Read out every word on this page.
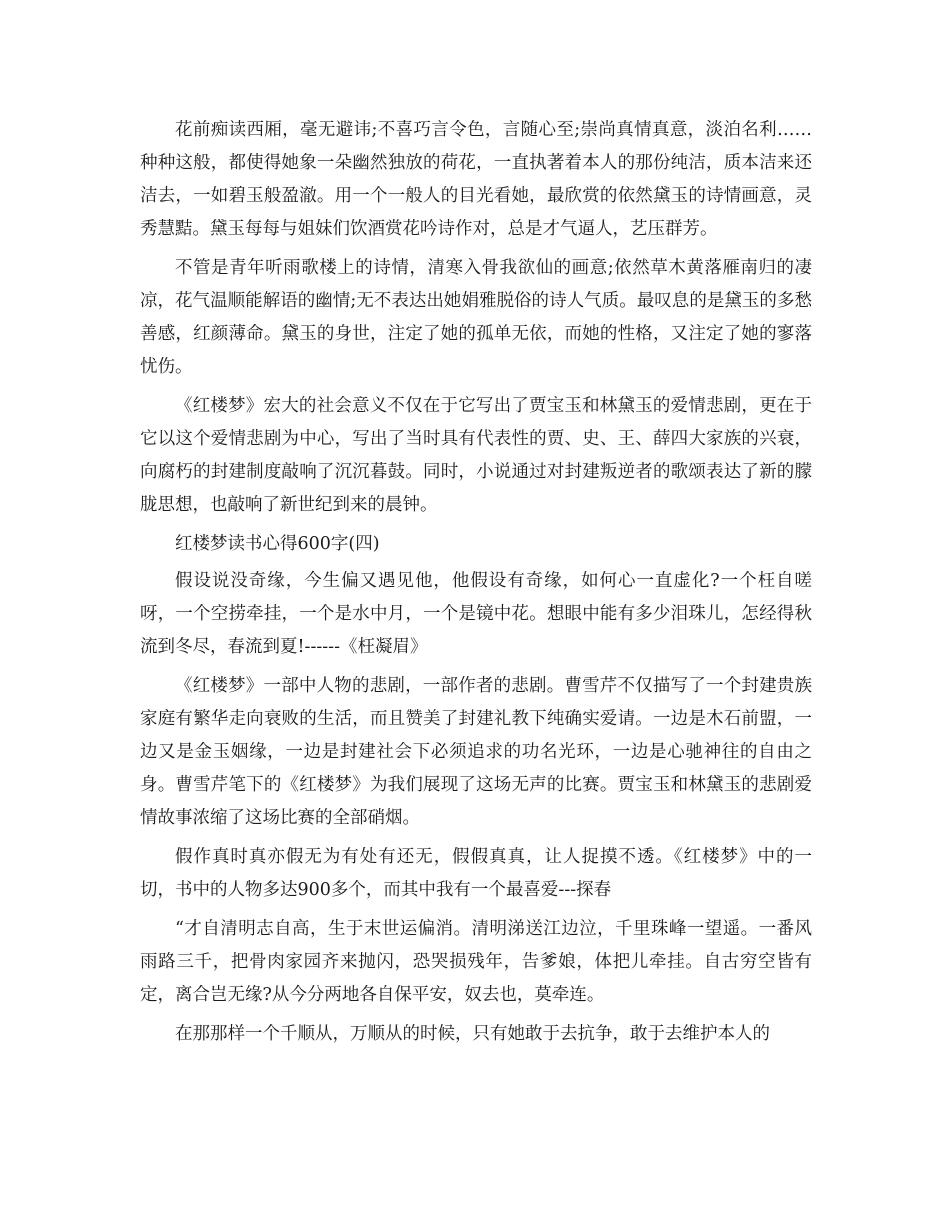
花前痴读西厢，毫无避讳;不喜巧言令色，言随心至;崇尚真情真意，淡泊名利……种种这般，都使得她象一朵幽然独放的荷花，一直执著着本人的那份纯洁，质本洁来还洁去，一如碧玉般盈澈。用一个一般人的目光看她，最欣赏的依然黛玉的诗情画意，灵秀慧黠。黛玉每每与姐妹们饮酒赏花吟诗作对，总是才气逼人，艺压群芳。

不管是青年听雨歌楼上的诗情，清寒入骨我欲仙的画意;依然草木黄落雁南归的凄凉，花气温顺能解语的幽情;无不表达出她娟雅脱俗的诗人气质。最叹息的是黛玉的多愁善感，红颜薄命。黛玉的身世，注定了她的孤单无依，而她的性格，又注定了她的寥落忧伤。

《红楼梦》宏大的社会意义不仅在于它写出了贾宝玉和林黛玉的爱情悲剧，更在于它以这个爱情悲剧为中心，写出了当时具有代表性的贾、史、王、薛四大家族的兴衰，向腐朽的封建制度敲响了沉沉暮鼓。同时，小说通过对封建叛逆者的歌颂表达了新的朦胧思想，也敲响了新世纪到来的晨钟。

红楼梦读书心得600字(四)

假设说没奇缘，今生偏又遇见他，他假设有奇缘，如何心一直虚化?一个枉自嗟呀，一个空捞牵挂，一个是水中月，一个是镜中花。想眼中能有多少泪珠儿，怎经得秋流到冬尽，春流到夏!------《枉凝眉》

《红楼梦》一部中人物的悲剧，一部作者的悲剧。曹雪芹不仅描写了一个封建贵族家庭有繁华走向衰败的生活，而且赞美了封建礼教下纯确实爱请。一边是木石前盟，一边又是金玉姻缘，一边是封建社会下必须追求的功名光环，一边是心驰神往的自由之身。曹雪芹笔下的《红楼梦》为我们展现了这场无声的比赛。贾宝玉和林黛玉的悲剧爱情故事浓缩了这场比赛的全部硝烟。

假作真时真亦假无为有处有还无，假假真真，让人捉摸不透。《红楼梦》中的一切，书中的人物多达900多个，而其中我有一个最喜爱---探春

“才自清明志自高，生于末世运偏消。清明涕送江边泣，千里珠峰一望遥。一番风雨路三千，把骨肉家园齐来抛闪，恐哭损残年，告爹娘，体把儿牵挂。自古穷空皆有定，离合岂无缘?从今分两地各自保平安，奴去也，莫牵连。

在那那样一个千顺从，万顺从的时候，只有她敢于去抗争，敢于去维护本人的
